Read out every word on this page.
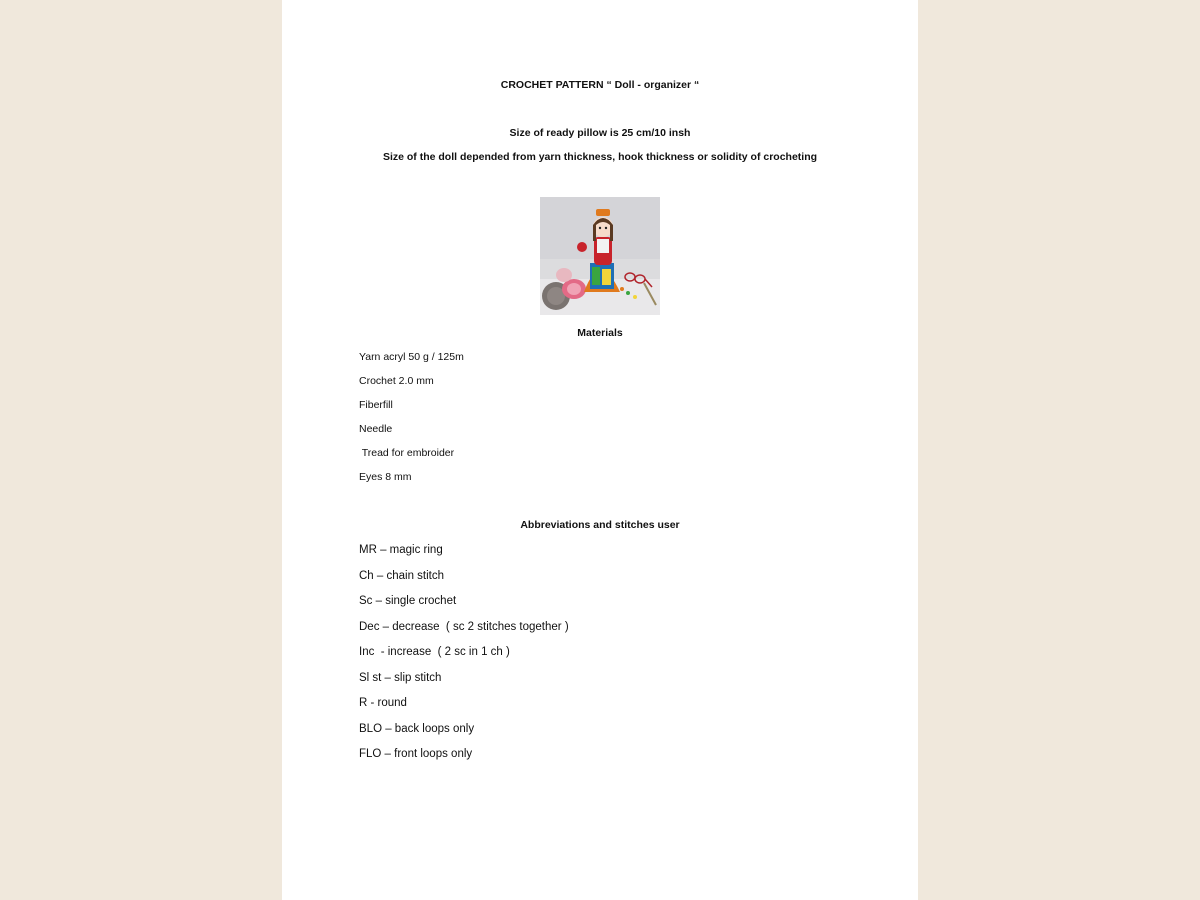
CROCHET PATTERN “ Doll - organizer “
Size of ready pillow is 25 cm/10 insh
Size of the doll depended from yarn thickness, hook thickness or solidity of crocheting
Materials
Yarn acryl 50 g / 125m
Crochet 2.0 mm
Fiberfill
Needle
Tread for embroider
Eyes 8 mm
Abbreviations and stitches user
MR – magic ring
Ch – chain stitch
Sc – single crochet
Dec – decrease  ( sc 2 stitches together )
Inc  - increase  ( 2 sc in 1 ch )
Sl st – slip stitch
R - round
BLO – back loops only
FLO – front loops only
